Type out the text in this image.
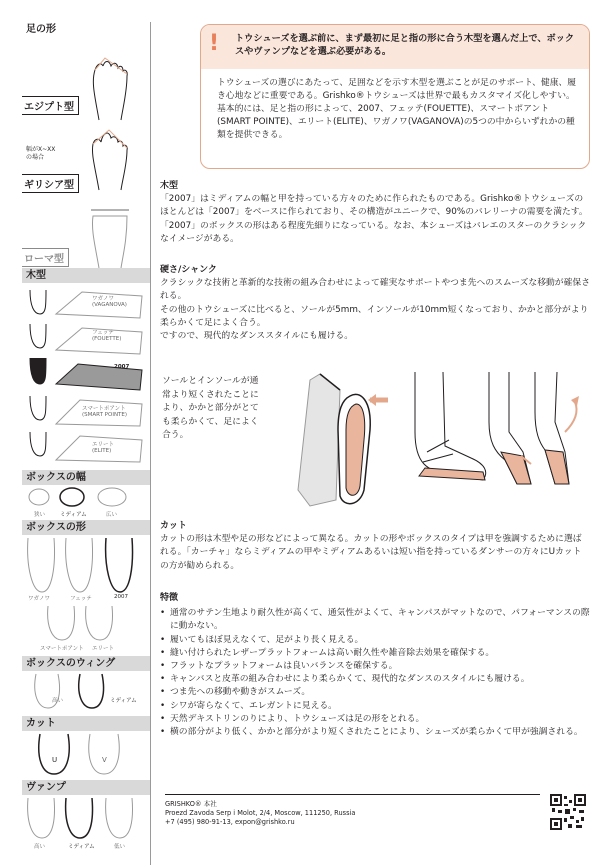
足の形
エジプト型
幅がX~XX
の場合
ギリシア型
ローマ型
木型
ワガノワ
(VAGANOVA)
フェッテ
(FOUETTE)
2007
スマートポアント
(SMART POINTE)
エリート
(ELITE)
ボックスの幅
狭い	ミディアム	広い
ボックスの形
ワガノワ	フェッテ	2007
スマートポアント エリート
ボックスのウィング
高い	ミディアム
カット
U	V
ヴァンプ
高い	ミディアム	低い
! トウシューズを選ぶ前に、まず最初に足と指の形に合う木型を選んだ上で、ボックスやヴァンプなどを選ぶ必要がある。
トウシューズの選びにあたって、足囲などを示す木型を選ぶことが足のサポート、健康、履き心地などに重要である。Grishko®トウシューズは世界で最もカスタマイズ化しやすい。基本的には、足と指の形によって、2007、フェッテ(FOUETTE)、スマートポアント(SMART POINTE)、エリート(ELITE)、ワガノワ(VAGANOVA)の5つの中からいずれかの種類を提供できる。
木型

「2007」はミディアムの幅と甲を持っている方々のために作られたものである。Grishko®トウシューズのほとんどは「2007」をベースに作られており、その構造がユニークで、90%のバレリーナの需要を満たす。「2007」のボックスの形はある程度先細りになっている。なお、本シューズはバレエのスターのクラシックなイメージがある。

硬さ/シャンク

クラシックな技術と革新的な技術の組み合わせによって確実なサポートやつま先へのスムーズな移動が確保される。

その他のトウシューズに比べると、ソールが5mm、インソールが10mm短くなっており、かかと部分がより柔らかくて足によく合う。

ですので、現代的なダンススタイルにも履ける。

ソールとインソールが通常より短くされたことにより、かかと部分がとても柔らかくて、足によく合う。
カット

カットの形は木型や足の形などによって異なる。カットの形やボックスのタイプは甲を強調するために選ばれる。「カーチャ」ならミディアムの甲やミディアムあるいは短い指を持っているダンサーの方々にUカットの方が勧められる。

特徴
• 通常のサテン生地より耐久性が高くて、通気性がよくて、キャンパスがマットなので、パフォーマンスの際に動かない。
• 履いてもほぼ見えなくて、足がより長く見える。
• 縫い付けられたレザープラットフォームは高い耐久性や雑音除去効果を確保する。
• フラットなプラットフォームは良いバランスを確保する。
• キャンバスと皮革の組み合わせにより柔らかくて、現代的なダンスのスタイルにも履ける。
• つま先への移動や動きがスムーズ。
• シワが寄らなくて、エレガントに見える。
• 天然デキストリンのりにより、トウシューズは足の形をとれる。
• 横の部分がより低く、かかと部分がより短くされたことにより、シューズが柔らかくて甲が強調される。
GRISHKO® 本社
Proezd Zavoda Serp i Molot, 2/4, Moscow, 111250, Russia
+7 (495) 980-91-13, expon@grishko.ru
